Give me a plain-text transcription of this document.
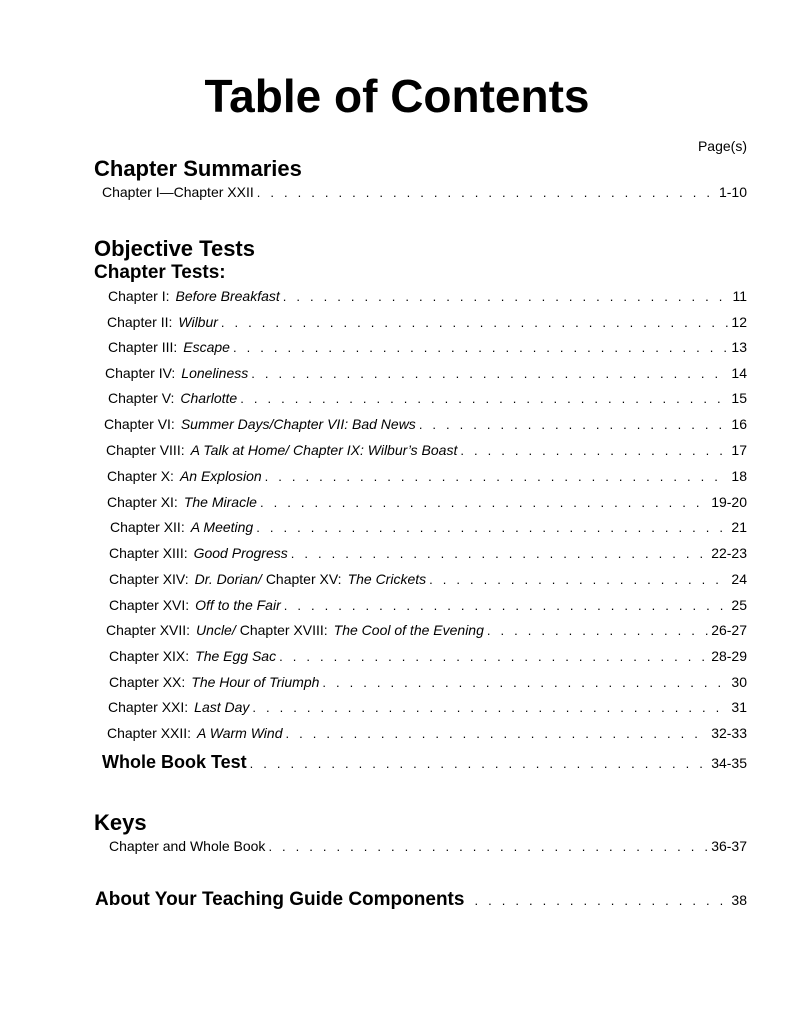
Table of Contents
Page(s)
Chapter Summaries
Chapter I—Chapter XXII . . .	1-10
Objective Tests
Chapter Tests:
Chapter I: Before Breakfast . . .	11
Chapter II: Wilbur . . .	12
Chapter III: Escape . . .	13
Chapter IV: Loneliness . . .	14
Chapter V: Charlotte . . .	15
Chapter VI: Summer Days/Chapter VII: Bad News . . .	16
Chapter VIII: A Talk at Home/ Chapter IX: Wilbur’s Boast . . .	17
Chapter X: An Explosion . . .	18
Chapter XI: The Miracle . . .	19-20
Chapter XII: A Meeting . . .	21
Chapter XIII: Good Progress . . .	22-23
Chapter XIV: Dr. Dorian/ Chapter XV: The Crickets . . .	24
Chapter XVI: Off to the Fair . . .	25
Chapter XVII: Uncle/ Chapter XVIII: The Cool of the Evening . . .	26-27
Chapter XIX: The Egg Sac . . .	28-29
Chapter XX: The Hour of Triumph . . .	30
Chapter XXI: Last Day . . .	31
Chapter XXII: A Warm Wind . . .	32-33
Whole Book Test . . .	34-35
Keys
Chapter and Whole Book . . .	36-37
About Your Teaching Guide Components . . .	38
